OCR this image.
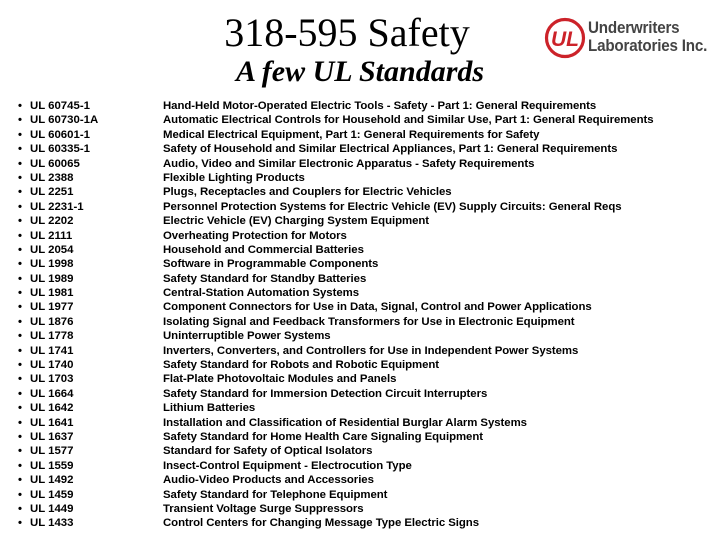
318-595 Safety	UL Underwriters
Laboratories Inc.
A few UL Standards
• UL 60745-1	Hand-Held Motor-Operated Electric Tools - Safety - Part 1: General Requirements
• UL 60730-1A	Automatic Electrical Controls for Household and Similar Use, Part 1: General Requirements
• UL 60601-1	Medical Electrical Equipment, Part 1: General Requirements for Safety
• UL 60335-1	Safety of Household and Similar Electrical Appliances, Part 1: General Requirements
• UL 60065	Audio, Video and Similar Electronic Apparatus - Safety Requirements
• UL 2388	Flexible Lighting Products
• UL 2251	Plugs, Receptacles and Couplers for Electric Vehicles
• UL 2231-1	Personnel Protection Systems for Electric Vehicle (EV) Supply Circuits: General Reqs
• UL 2202	Electric Vehicle (EV) Charging System Equipment
• UL 2111	Overheating Protection for Motors
• UL 2054	Household and Commercial Batteries
• UL 1998	Software in Programmable Components
• UL 1989	Safety Standard for Standby Batteries
• UL 1981	Central-Station Automation Systems
• UL 1977	Component Connectors for Use in Data, Signal, Control and Power Applications
• UL 1876	Isolating Signal and Feedback Transformers for Use in Electronic Equipment
• UL 1778	Uninterruptible Power Systems
• UL 1741	Inverters, Converters, and Controllers for Use in Independent Power Systems
• UL 1740	Safety Standard for Robots and Robotic Equipment
• UL 1703	Flat-Plate Photovoltaic Modules and Panels
• UL 1664	Safety Standard for Immersion Detection Circuit Interrupters
• UL 1642	Lithium Batteries
• UL 1641	Installation and Classification of Residential Burglar Alarm Systems
• UL 1637	Safety Standard for Home Health Care Signaling Equipment
• UL 1577	Standard for Safety of Optical Isolators
• UL 1559	Insect-Control Equipment - Electrocution Type
• UL 1492	Audio-Video Products and Accessories
• UL 1459	Safety Standard for Telephone Equipment
• UL 1449	Transient Voltage Surge Suppressors
• UL 1433	Control Centers for Changing Message Type Electric Signs
